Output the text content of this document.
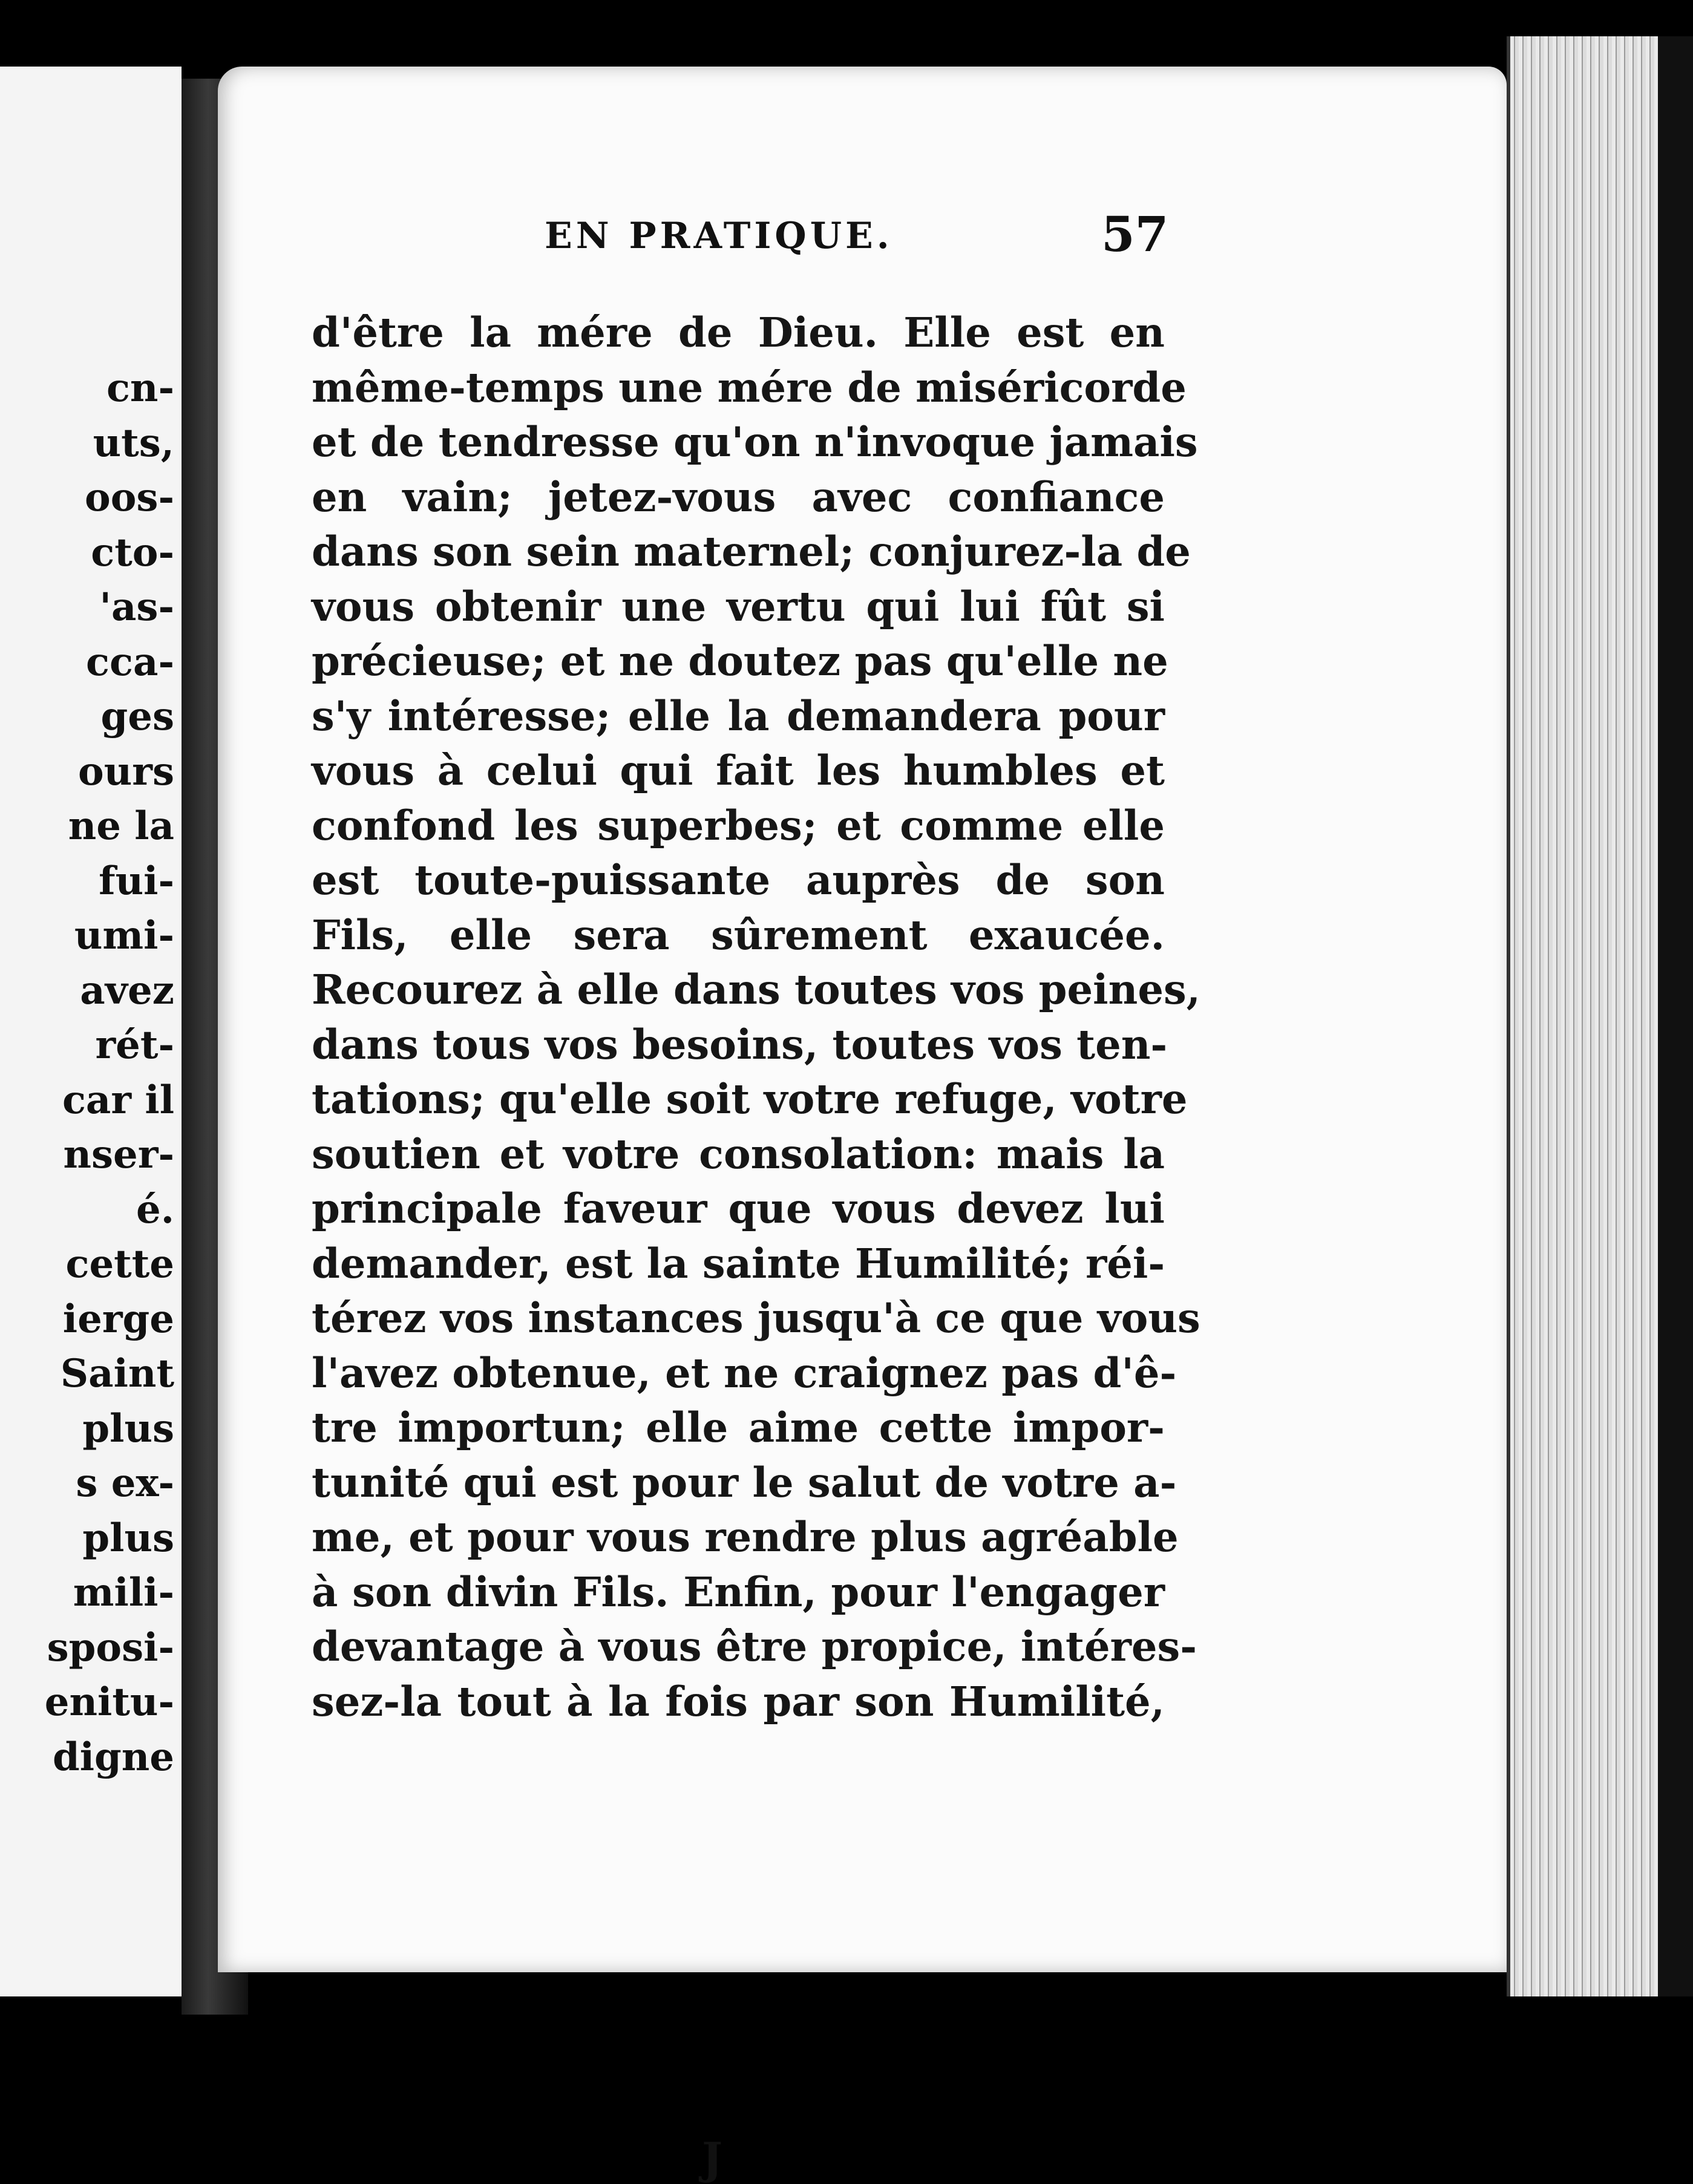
cn-
uts,
oos-
cto-
'as-
cca-
ges
ours
ne la
fui-
umi-
avez
rét-
car il
nser-
é.
cette
ierge
Saint
plus
s ex-
plus
mili-
sposi-
enitu-
digne
EN PRATIQUE.	57
d'être la mére de Dieu. Elle est en
même-temps une mére de miséricorde
et de tendresse qu'on n'invoque jamais
en vain; jetez-vous avec confiance
dans son sein maternel; conjurez-la de
vous obtenir une vertu qui lui fût si
précieuse; et ne doutez pas qu'elle ne
s'y intéresse; elle la demandera pour
vous à celui qui fait les humbles et
confond les superbes; et comme elle
est toute-puissante auprès de son
Fils, elle sera sûrement exaucée.
Recourez à elle dans toutes vos peines,
dans tous vos besoins, toutes vos ten-
tations; qu'elle soit votre refuge, votre
soutien et votre consolation: mais la
principale faveur que vous devez lui
demander, est la sainte Humilité; réi-
térez vos instances jusqu'à ce que vous
l'avez obtenue, et ne craignez pas d'ê-
tre importun; elle aime cette impor-
tunité qui est pour le salut de votre a-
me, et pour vous rendre plus agréable
à son divin Fils. Enfin, pour l'engager
devantage à vous être propice, intéres-
sez-la tout à la fois par son Humilité,
J
